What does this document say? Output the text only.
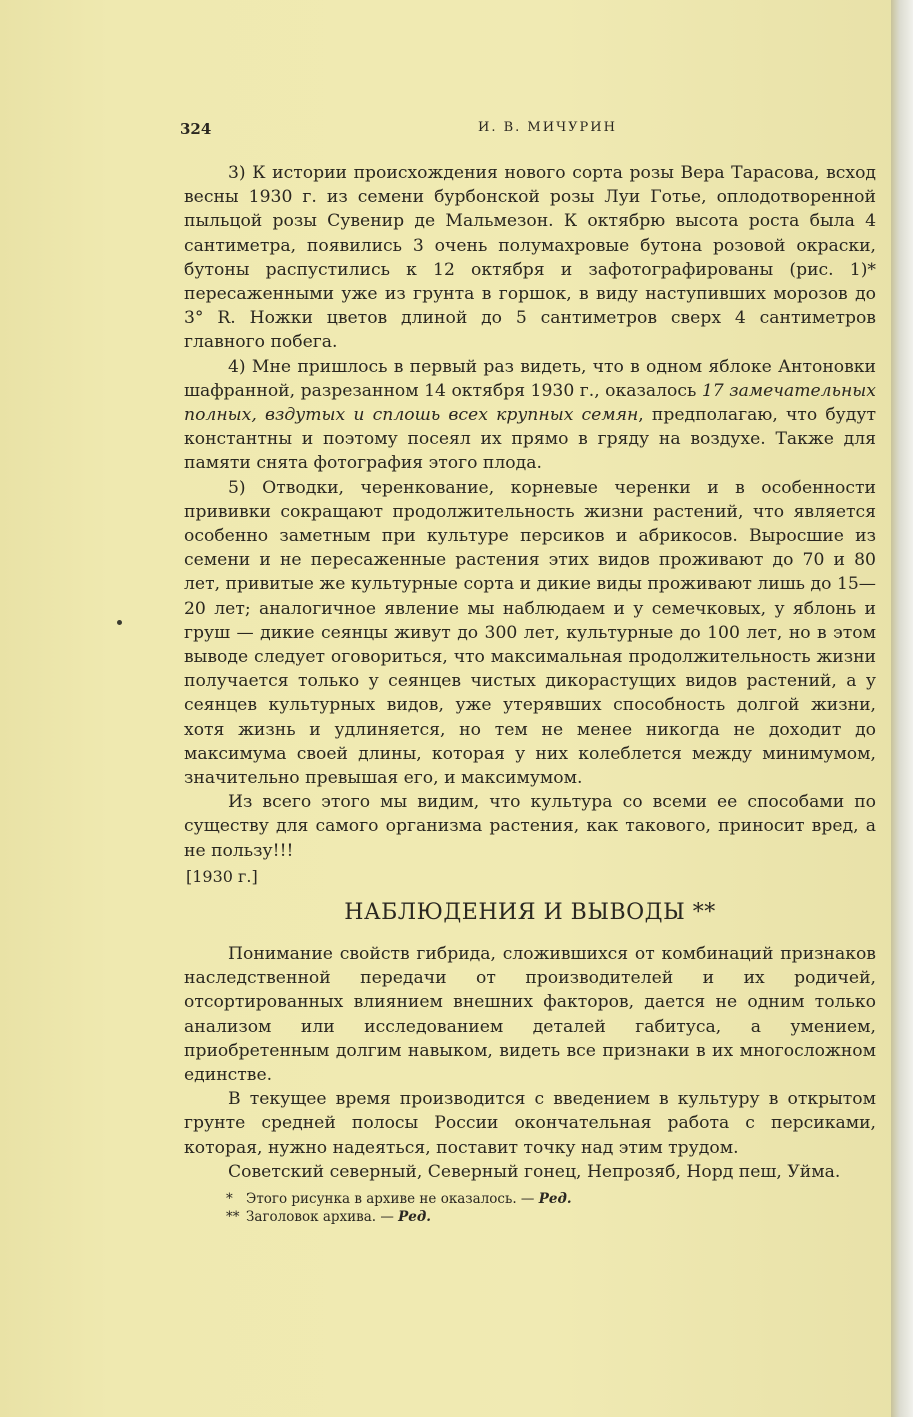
324	И. В. МИЧУРИН

3) К истории происхождения нового сорта розы Вера Тарасова, всход весны 1930 г. из семени бурбонской розы Луи Готье, оплодотворенной пыльцой розы Сувенир де Мальмезон. К октябрю высота роста была 4 сантиметра, появились 3 очень полумахровые бутона розовой окраски, бутоны распустились к 12 октября и зафотографированы (рис. 1)* пересаженными уже из грунта в горшок, в виду наступивших морозов до 3° R. Ножки цветов длиной до 5 сантиметров сверх 4 сантиметров главного побега.

4) Мне пришлось в первый раз видеть, что в одном яблоке Антоновки шафранной, разрезанном 14 октября 1930 г., оказалось 17 замечательных полных, вздутых и сплошь всех крупных семян, предполагаю, что будут константны и поэтому посеял их прямо в гряду на воздухе. Также для памяти снята фотография этого плода.

5) Отводки, черенкование, корневые черенки и в особенности прививки сокращают продолжительность жизни растений, что является особенно заметным при культуре персиков и абрикосов. Выросшие из семени и не пересаженные растения этих видов проживают до 70 и 80 лет, привитые же культурные сорта и дикие виды проживают лишь до 15—20 лет; аналогичное явление мы наблюдаем и у семечковых, у яблонь и груш — дикие сеянцы живут до 300 лет, культурные до 100 лет, но в этом выводе следует оговориться, что максимальная продолжительность жизни получается только у сеянцев чистых дикорастущих видов растений, а у сеянцев культурных видов, уже утерявших способность долгой жизни, хотя жизнь и удлиняется, но тем не менее никогда не доходит до максимума своей длины, которая у них колеблется между минимумом, значительно превышая его, и максимумом.

Из всего этого мы видим, что культура со всеми ее способами по существу для самого организма растения, как такового, приносит вред, а не пользу!!!

[1930 г.]
НАБЛЮДЕНИЯ И ВЫВОДЫ **

Понимание свойств гибрида, сложившихся от комбинаций признаков наследственной передачи от производителей и их родичей, отсортированных влиянием внешних факторов, дается не одним только анализом или исследованием деталей габитуса, а умением, приобретенным долгим навыком, видеть все признаки в их многосложном единстве.

В текущее время производится с введением в культуру в открытом грунте средней полосы России окончательная работа с персиками, которая, нужно надеяться, поставит точку над этим трудом.

Советский северный, Северный гонец, Непрозяб, Норд пеш, Уйма.

* Этого рисунка в архиве не оказалось. — Ред.
** Заголовок архива. — Ред.
